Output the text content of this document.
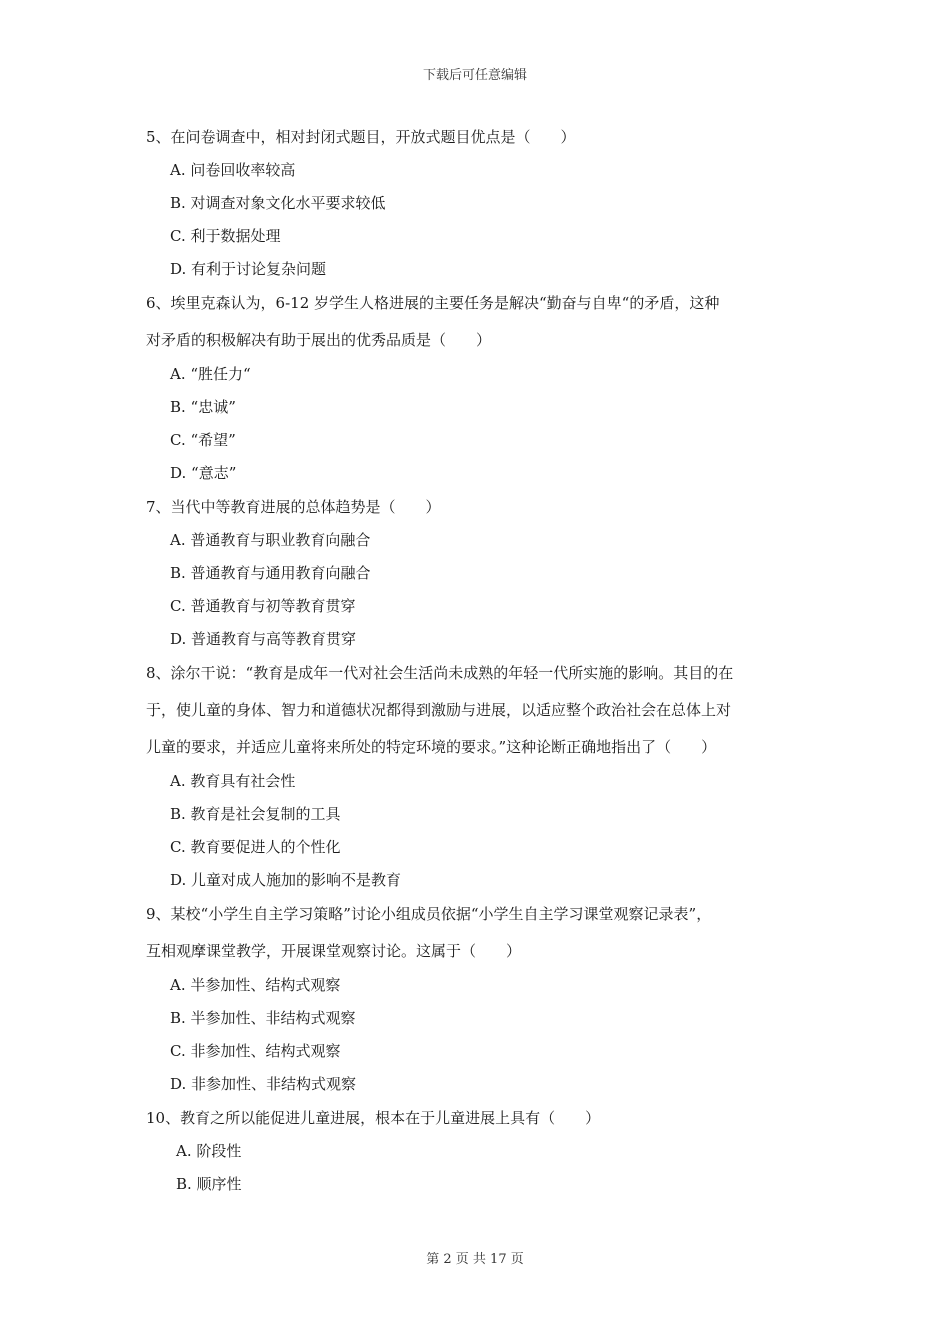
下载后可任意编辑
5、在问卷调查中，相对封闭式题目，开放式题目优点是（　　）
A. 问卷回收率较高
B. 对调查对象文化水平要求较低
C. 利于数据处理
D. 有利于讨论复杂问题
6、埃里克森认为，6-12 岁学生人格进展的主要任务是解决“勤奋与自卑“的矛盾，这种
对矛盾的积极解决有助于展出的优秀品质是（　　）
A. “胜任力“
B. “忠诚”
C. “希望”
D. “意志”
7、当代中等教育进展的总体趋势是（　　）
A. 普通教育与职业教育向融合
B. 普通教育与通用教育向融合
C. 普通教育与初等教育贯穿
D. 普通教育与高等教育贯穿
8、涂尔干说：“教育是成年一代对社会生活尚未成熟的年轻一代所实施的影响。其目的在
于，使儿童的身体、智力和道德状况都得到激励与进展，以适应整个政治社会在总体上对
儿童的要求，并适应儿童将来所处的特定环境的要求。”这种论断正确地指出了（　　）
A. 教育具有社会性
B. 教育是社会复制的工具
C. 教育要促进人的个性化
D. 儿童对成人施加的影响不是教育
9、某校“小学生自主学习策略”讨论小组成员依据“小学生自主学习课堂观察记录表”，
互相观摩课堂教学，开展课堂观察讨论。这属于（　　）
A. 半参加性、结构式观察
B. 半参加性、非结构式观察
C. 非参加性、结构式观察
D. 非参加性、非结构式观察
10、教育之所以能促进儿童进展，根本在于儿童进展上具有（　　）
A. 阶段性
B. 顺序性
第 2 页 共 17 页
